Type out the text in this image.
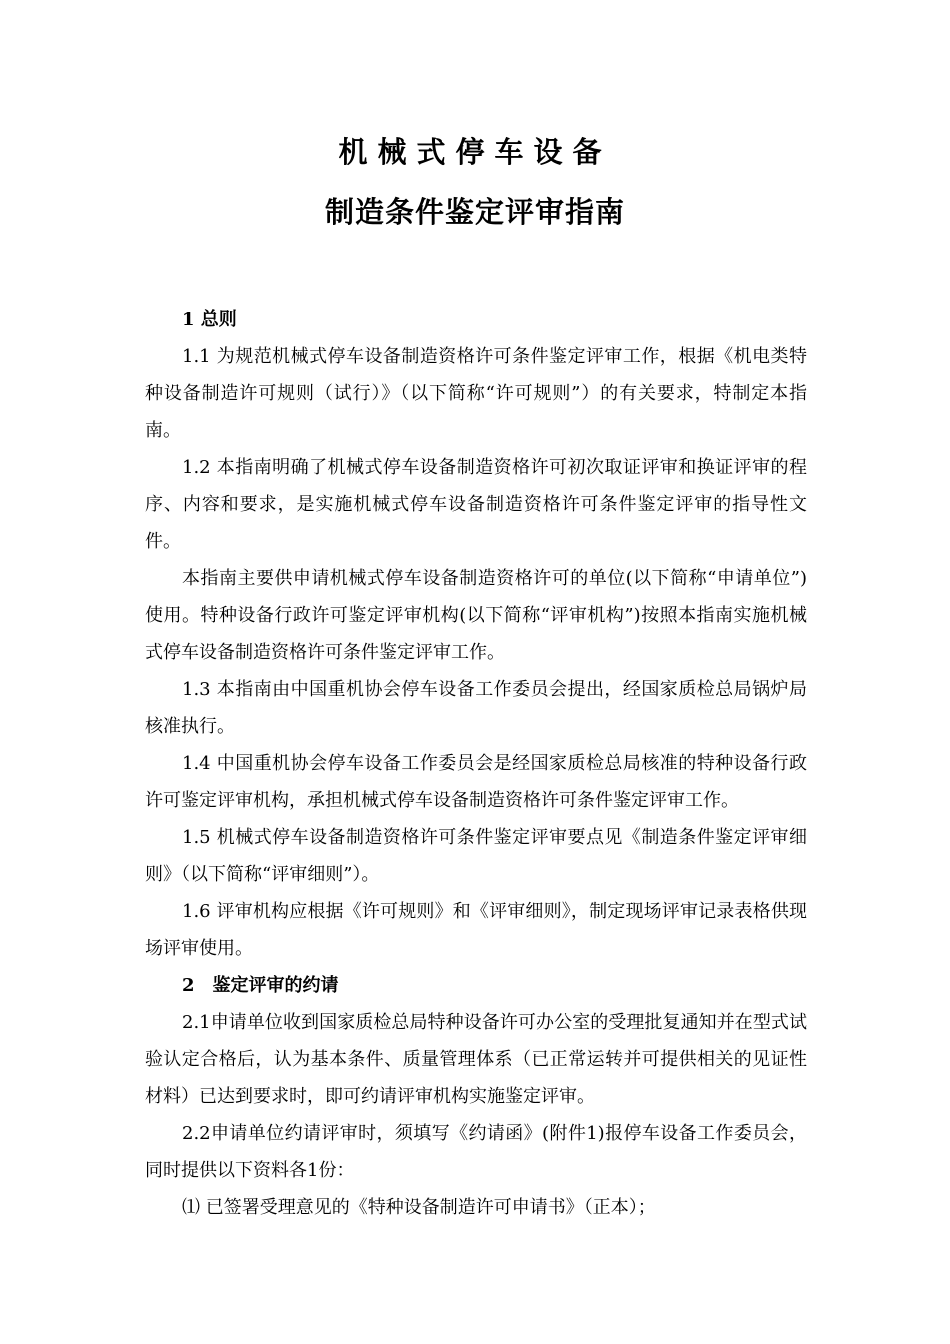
机械式停车设备
制造条件鉴定评审指南

1 总则

1.1 为规范机械式停车设备制造资格许可条件鉴定评审工作，根据《机电类特种设备制造许可规则（试行）》（以下简称“许可规则”）的有关要求，特制定本指南。

1.2 本指南明确了机械式停车设备制造资格许可初次取证评审和换证评审的程序、内容和要求，是实施机械式停车设备制造资格许可条件鉴定评审的指导性文件。

本指南主要供申请机械式停车设备制造资格许可的单位(以下简称“申请单位”)使用。特种设备行政许可鉴定评审机构(以下简称“评审机构”)按照本指南实施机械式停车设备制造资格许可条件鉴定评审工作。

1.3 本指南由中国重机协会停车设备工作委员会提出，经国家质检总局锅炉局核准执行。

1.4 中国重机协会停车设备工作委员会是经国家质检总局核准的特种设备行政许可鉴定评审机构，承担机械式停车设备制造资格许可条件鉴定评审工作。

1.5 机械式停车设备制造资格许可条件鉴定评审要点见《制造条件鉴定评审细则》（以下简称“评审细则”）。

1.6 评审机构应根据《许可规则》和《评审细则》，制定现场评审记录表格供现场评审使用。

2　鉴定评审的约请

2.1申请单位收到国家质检总局特种设备许可办公室的受理批复通知并在型式试验认定合格后，认为基本条件、质量管理体系（已正常运转并可提供相关的见证性材料）已达到要求时，即可约请评审机构实施鉴定评审。

2.2申请单位约请评审时，须填写《约请函》(附件1)报停车设备工作委员会，同时提供以下资料各1份：

⑴ 已签署受理意见的《特种设备制造许可申请书》（正本）；
